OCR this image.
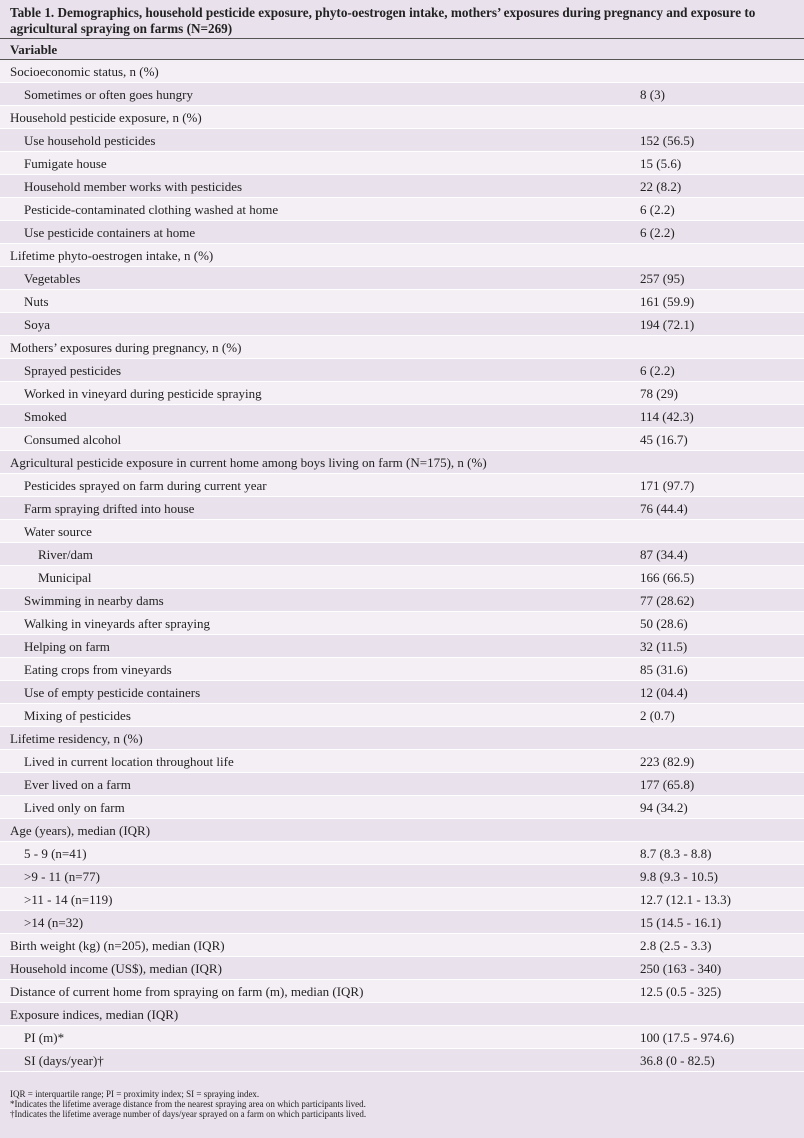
Table 1. Demographics, household pesticide exposure, phyto-oestrogen intake, mothers’ exposures during pregnancy and exposure to agricultural spraying on farms (N=269)
Variable
Socioeconomic status, n (%)
Sometimes or often goes hungry	8 (3)
Household pesticide exposure, n (%)
Use household pesticides	152 (56.5)
Fumigate house	15 (5.6)
Household member works with pesticides	22 (8.2)
Pesticide-contaminated clothing washed at home	6 (2.2)
Use pesticide containers at home	6 (2.2)
Lifetime phyto-oestrogen intake, n (%)
Vegetables	257 (95)
Nuts	161 (59.9)
Soya	194 (72.1)
Mothers’ exposures during pregnancy, n (%)
Sprayed pesticides	6 (2.2)
Worked in vineyard during pesticide spraying	78 (29)
Smoked	114 (42.3)
Consumed alcohol	45 (16.7)
Agricultural pesticide exposure in current home among boys living on farm (N=175), n (%)
Pesticides sprayed on farm during current year	171 (97.7)
Farm spraying drifted into house	76 (44.4)
Water source
River/dam	87 (34.4)
Municipal	166 (66.5)
Swimming in nearby dams	77 (28.62)
Walking in vineyards after spraying	50 (28.6)
Helping on farm	32 (11.5)
Eating crops from vineyards	85 (31.6)
Use of empty pesticide containers	12 (04.4)
Mixing of pesticides	2 (0.7)
Lifetime residency, n (%)
Lived in current location throughout life	223 (82.9)
Ever lived on a farm	177 (65.8)
Lived only on farm	94 (34.2)
Age (years), median (IQR)
5 - 9 (n=41)	8.7 (8.3 - 8.8)
>9 - 11 (n=77)	9.8 (9.3 - 10.5)
>11 - 14 (n=119)	12.7 (12.1 - 13.3)
>14 (n=32)	15 (14.5 - 16.1)
Birth weight (kg) (n=205), median (IQR)	2.8 (2.5 - 3.3)
Household income (US$), median (IQR)	250 (163 - 340)
Distance of current home from spraying on farm (m), median (IQR)	12.5 (0.5 - 325)
Exposure indices, median (IQR)
PI (m)*	100 (17.5 - 974.6)
SI (days/year)†	36.8 (0 - 82.5)
IQR = interquartile range; PI = proximity index; SI = spraying index.
*Indicates the lifetime average distance from the nearest spraying area on which participants lived.
†Indicates the lifetime average number of days/year sprayed on a farm on which participants lived.
